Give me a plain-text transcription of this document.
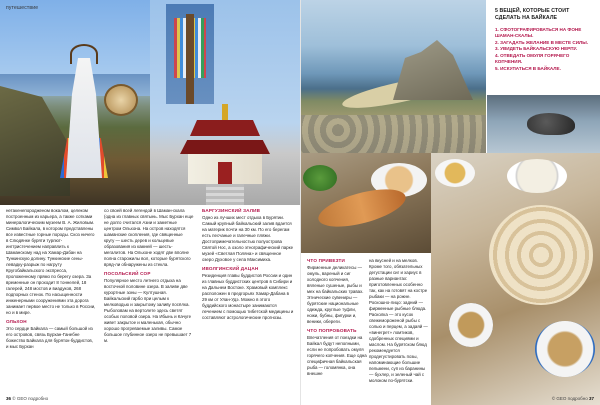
путешествие

нетакенепородженом вокалом, целеком построенным из карьера, а также сотками минералогическим музеем В. А. Жиловым. Символ Байкала, в котором представлены все известные горные породы. Скоз ничего в Слюдянке буряти турлют-ингтристечением направлить к Шаманскому над на Хамар-Дабан на Тункинскую долину. Тункинские сены-левадку-разрыж по нагруту Кругобайкальского экспресса, проложенному прямо по берегу озера. За временные он проходит 8 тоннелей, 18 галерей, 248 мостов и виадуков, 268 подпорных стенок. По насыщенности инженерными сооружениями эта дорога занимает первое место не только в России, но и в мире.

ОЛЬХОН

Это сердце Байкала — самый большой из его островов, связь Бурхан-Ганебне божество Байкала для буряток-буддистов, и мыс Бурхан

со своей всей легендой в Шаман-скала (одна из главных святынь. Мыс Бурхан еще не долго считался Азии и заметные центром Ольхона. На остров находятся шаманские скопления, где священные кругу — шесть дерев и кольцевые образования из камней — шесть-мегалитов. На Ольхоне ходят две вполне полна старожилы вол, которые бурятского вряд-ли обнаружены из стекла.

ПОСОЛЬСКИЙ СОР

Популярное место летнего отдыха на восточной половине озера. В заливе две курортные зоны — Култушная. Байкальский гарбо при целым к мелководью и закрытому заливу посёлка. Рыболовам на вертолете здесь светят особых половой озера. На Ибынь и Качуге живет закрытое и маленькая, обычно хорошо прогреваемые заливы. Самое большое глубинное озеро не превышает 7 м.

БАРГУЗИНСКИЙ ЗАЛИВ

Одно из лучших мест отдыха в Бурятии. Самый крупный байкальский залив вдается на материк почти на 30 км. По его берегам есть песчаные и галечные пляжи. Достопримечательностью полуострова Святой Нос, а озоло этнографический парке музей «Светлая Поляна» и священное озеро Духовое у села Максимиха.

ИВОЛГИНСКИЙ ДАЦАН

Резиденция главы буддистов России и один из главных буддистских центров в Сибири и на Дальнем Востоке. Храмовый комплекс расположен в предгорьях Хамар-Дабана в 29 км от Улан-Удэ. Можно в этого буддийского монастыре занимаются лечением с помощью тибетской медицины и составляют астрологические прогнозы.

36 © GEO подробно
5 ВЕЩЕЙ, КОТОРЫЕ СТОИТ СДЕЛАТЬ НА БАЙКАЛЕ
1. СФОТОГРАФИРОВАТЬСЯ НА ФОНЕ ШАМАН-СКАЛЫ.
2. ЗАГАДАТЬ ЖЕЛАНИЕ В МЕСТЕ СИЛЫ.
3. УВИДЕТЬ БАЙКАЛЬСКУЮ НЕРПУ.
4. ОТВЕДАТЬ ОМУЛЯ ГОРЯЧЕГО КОПЧЕНИЯ.
5. ИСКУПАТЬСЯ В БАЙКАЛЕ.
ЧТО ПРИВЕЗТИ

Фирменные деликатесы — омуль, вареный и сиг холодного копчения, вяленые сушеные, рыбы и мех на байкальских травах. Этнические сувениры — бурятские национальные одежда, круглые туфли, ножи, бубны, фигурки и, веники, обереги.

ЧТО ПОПРОБОВАТЬ

Впечатления от поездки на Байкал будут неполными, если не попробовать омуля горячего копчения. Еще одна специфичная байкальская рыба — голомянка, она внешне

на вкусней и на мелков. Кроме того, обязательных дегустации сиг и хариус в разные вариантах: приготовленных особенно так, как на готовят на костре рыбаки — на рожне. Роскошно-лицо: задний — фирменные рыбные блюда. Расколка — это кусок свежемороженой рыбы с солью и перцем, а задаяй — «винегрет» ломтиков, сдобренных специями и маслом. На бурятском блюд рекомендуется продегустировать позы, напоминающие большие пельмени, суп из баранины — бухлер, и зеленый чай с молоком по-бурятски.

© GEO подробно 37
